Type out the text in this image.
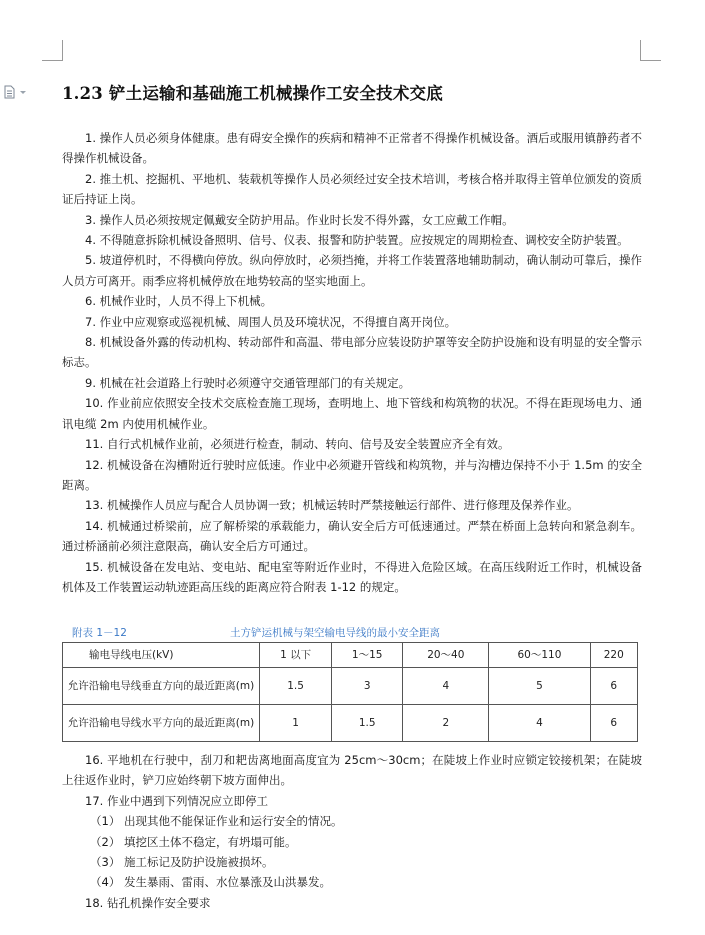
1.23 铲土运输和基础施工机械操作工安全技术交底

1. 操作人员必须身体健康。患有碍安全操作的疾病和精神不正常者不得操作机械设备。酒后或服用镇静药者不得操作机械设备。

2. 推土机、挖掘机、平地机、装载机等操作人员必须经过安全技术培训，考核合格并取得主管单位颁发的资质证后持证上岗。

3. 操作人员必须按规定佩戴安全防护用品。作业时长发不得外露，女工应戴工作帽。

4. 不得随意拆除机械设备照明、信号、仪表、报警和防护装置。应按规定的周期检查、调校安全防护装置。

5. 坡道停机时，不得横向停放。纵向停放时，必须挡掩，并将工作装置落地辅助制动，确认制动可靠后，操作人员方可离开。雨季应将机械停放在地势较高的坚实地面上。

6. 机械作业时，人员不得上下机械。

7. 作业中应观察或巡视机械、周围人员及环境状况，不得擅自离开岗位。

8. 机械设备外露的传动机构、转动部件和高温、带电部分应装设防护罩等安全防护设施和设有明显的安全警示标志。

9. 机械在社会道路上行驶时必须遵守交通管理部门的有关规定。

10. 作业前应依照安全技术交底检查施工现场，查明地上、地下管线和构筑物的状况。不得在距现场电力、通讯电缆 2m 内使用机械作业。

11. 自行式机械作业前，必须进行检查，制动、转向、信号及安全装置应齐全有效。

12. 机械设备在沟槽附近行驶时应低速。作业中必须避开管线和构筑物，并与沟槽边保持不小于 1.5m 的安全距离。

13. 机械操作人员应与配合人员协调一致；机械运转时严禁接触运行部件、进行修理及保养作业。

14. 机械通过桥梁前，应了解桥梁的承载能力，确认安全后方可低速通过。严禁在桥面上急转向和紧急刹车。通过桥涵前必须注意限高，确认安全后方可通过。

15. 机械设备在发电站、变电站、配电室等附近作业时，不得进入危险区域。在高压线附近工作时，机械设备机体及工作装置运动轨迹距高压线的距离应符合附表 1-12 的规定。

附表 1－12	土方铲运机械与架空输电导线的最小安全距离
输电导线电压(kV)	1 以下	1～15	20～40	60～110	220
允许沿输电导线垂直方向的最近距离(m)	1.5	3	4	5	6
允许沿输电导线水平方向的最近距离(m)	1	1.5	2	4	6

16. 平地机在行驶中，刮刀和耙齿离地面高度宜为 25cm～30cm；在陡坡上作业时应锁定铰接机架；在陡坡上往返作业时，铲刀应始终朝下坡方面伸出。

17. 作业中遇到下列情况应立即停工

（1） 出现其他不能保证作业和运行安全的情况。

（2） 填挖区土体不稳定，有坍塌可能。

（3） 施工标记及防护设施被损坏。

（4） 发生暴雨、雷雨、水位暴涨及山洪暴发。

18. 钻孔机操作安全要求
